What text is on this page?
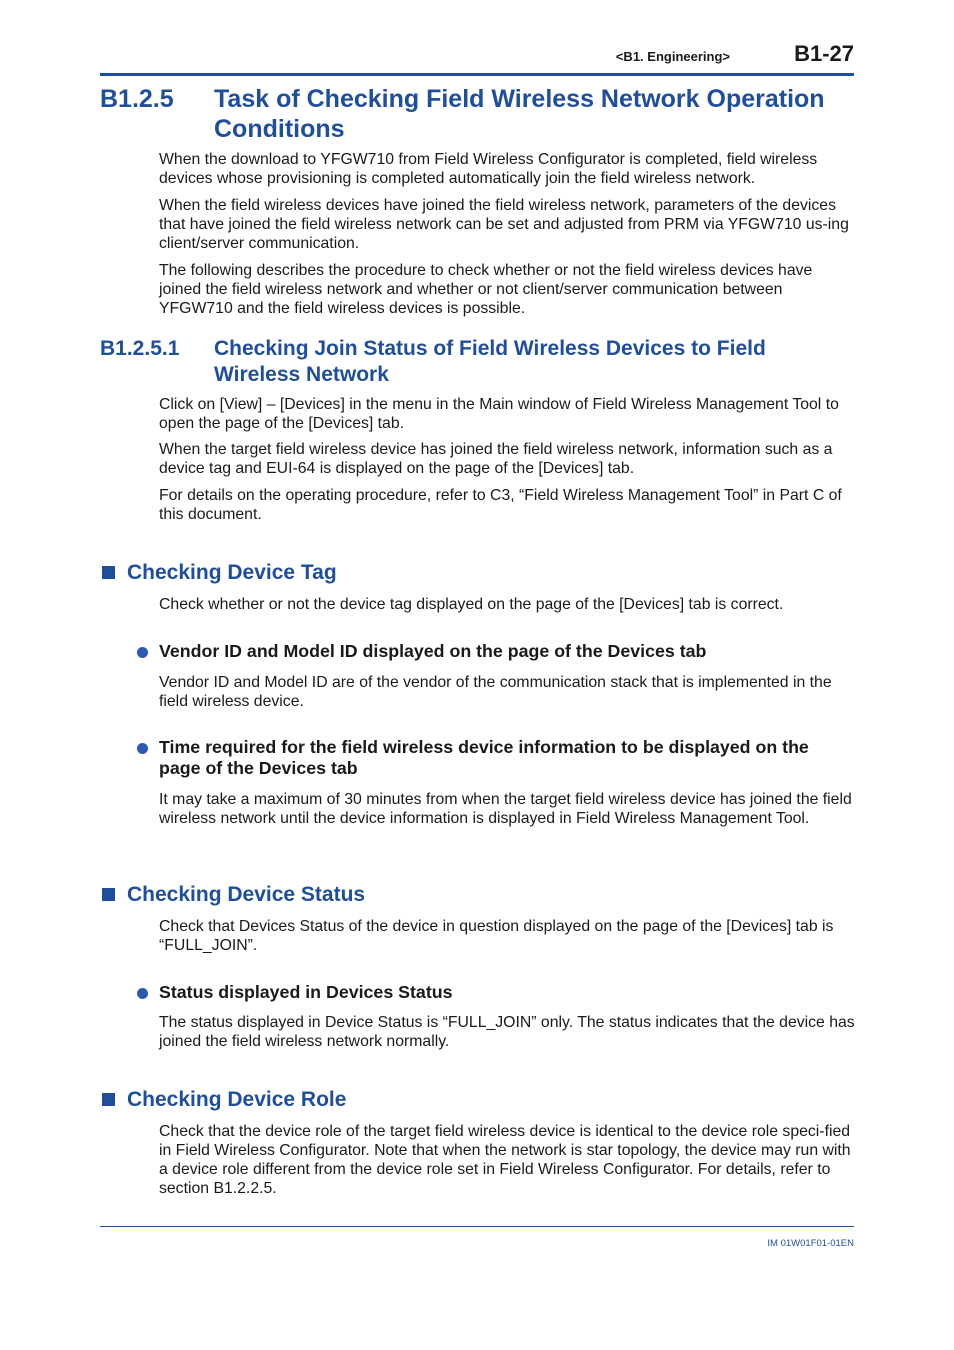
<B1. Engineering>	B1-27
B1.2.5 Task of Checking Field Wireless Network Operation Conditions
When the download to YFGW710 from Field Wireless Configurator is completed, field wireless devices whose provisioning is completed automatically join the field wireless network.
When the field wireless devices have joined the field wireless network, parameters of the devices that have joined the field wireless network can be set and adjusted from PRM via YFGW710 us-ing client/server communication.
The following describes the procedure to check whether or not the field wireless devices have joined the field wireless network and whether or not client/server communication between YFGW710 and the field wireless devices is possible.
B1.2.5.1 Checking Join Status of Field Wireless Devices to Field Wireless Network
Click on [View] – [Devices] in the menu in the Main window of Field Wireless Management Tool to open the page of the [Devices] tab.
When the target field wireless device has joined the field wireless network, information such as a device tag and EUI-64 is displayed on the page of the [Devices] tab.
For details on the operating procedure, refer to C3, “Field Wireless Management Tool” in Part C of this document.
Checking Device Tag
Check whether or not the device tag displayed on the page of the [Devices] tab is correct.
Vendor ID and Model ID displayed on the page of the Devices tab
Vendor ID and Model ID are of the vendor of the communication stack that is implemented in the field wireless device.
Time required for the field wireless device information to be displayed on the page of the Devices tab
It may take a maximum of 30 minutes from when the target field wireless device has joined the field wireless network until the device information is displayed in Field Wireless Management Tool.
Checking Device Status
Check that Devices Status of the device in question displayed on the page of the [Devices] tab is “FULL_JOIN”.
Status displayed in Devices Status
The status displayed in Device Status is “FULL_JOIN” only. The status indicates that the device has joined the field wireless network normally.
Checking Device Role
Check that the device role of the target field wireless device is identical to the device role speci-fied in Field Wireless Configurator. Note that when the network is star topology, the device may run with a device role different from the device role set in Field Wireless Configurator. For details, refer to section B1.2.2.5.
IM 01W01F01-01EN
